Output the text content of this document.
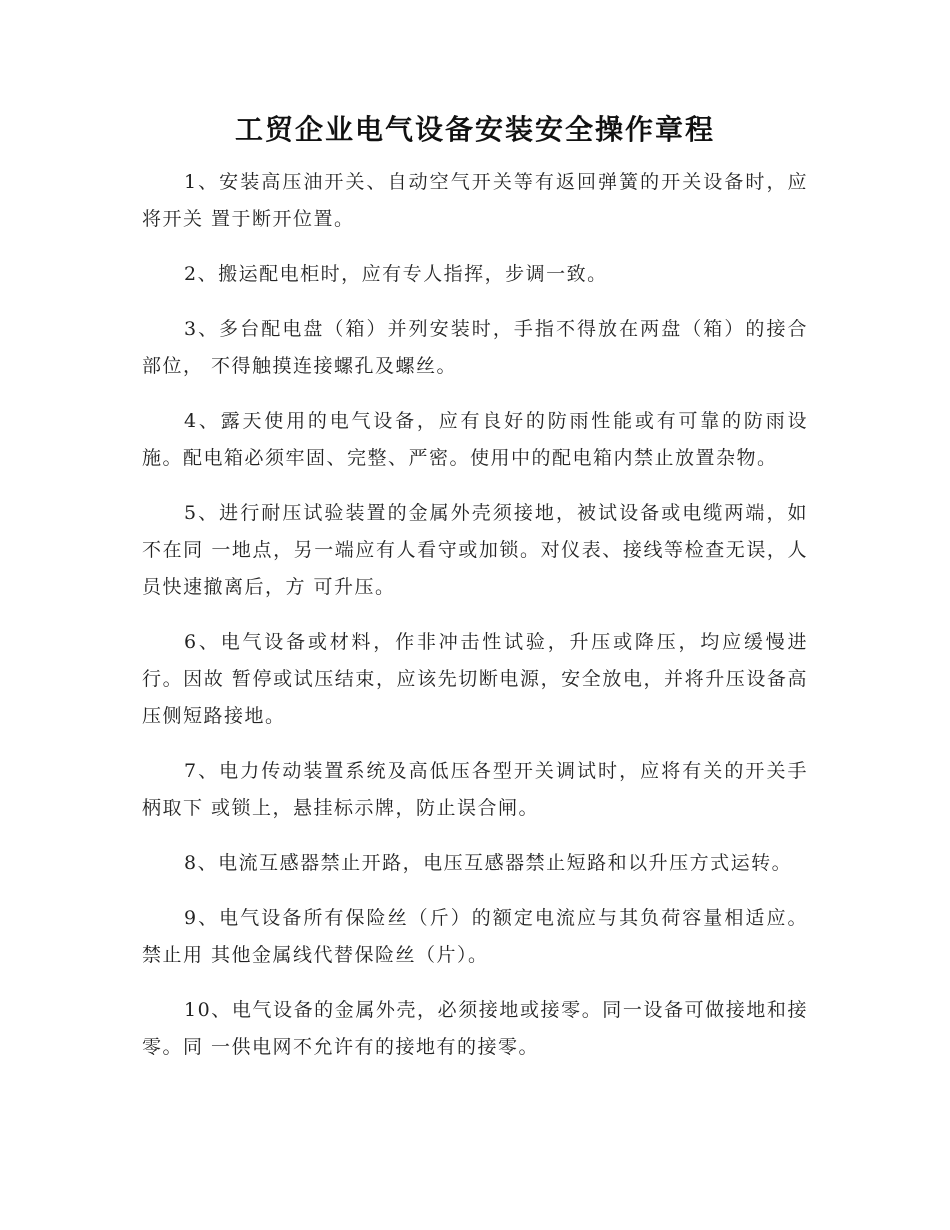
工贸企业电气设备安装安全操作章程

1、安装高压油开关、自动空气开关等有返回弹簧的开关设备时，应将开关 置于断开位置。

2、搬运配电柜时，应有专人指挥，步调一致。

3、多台配电盘（箱）并列安装时，手指不得放在两盘（箱）的接合部位， 不得触摸连接螺孔及螺丝。

4、露天使用的电气设备，应有良好的防雨性能或有可靠的防雨设施。配电箱必须牢固、完整、严密。使用中的配电箱内禁止放置杂物。

5、进行耐压试验装置的金属外壳须接地，被试设备或电缆两端，如不在同 一地点，另一端应有人看守或加锁。对仪表、接线等检查无误，人员快速撤离后，方 可升压。

6、电气设备或材料，作非冲击性试验，升压或降压，均应缓慢进行。因故 暂停或试压结束，应该先切断电源，安全放电，并将升压设备高压侧短路接地。

7、电力传动装置系统及高低压各型开关调试时，应将有关的开关手柄取下 或锁上，悬挂标示牌，防止误合闸。

8、电流互感器禁止开路，电压互感器禁止短路和以升压方式运转。

9、电气设备所有保险丝（斤）的额定电流应与其负荷容量相适应。禁止用 其他金属线代替保险丝（片）。

10、电气设备的金属外壳，必须接地或接零。同一设备可做接地和接零。同 一供电网不允许有的接地有的接零。
